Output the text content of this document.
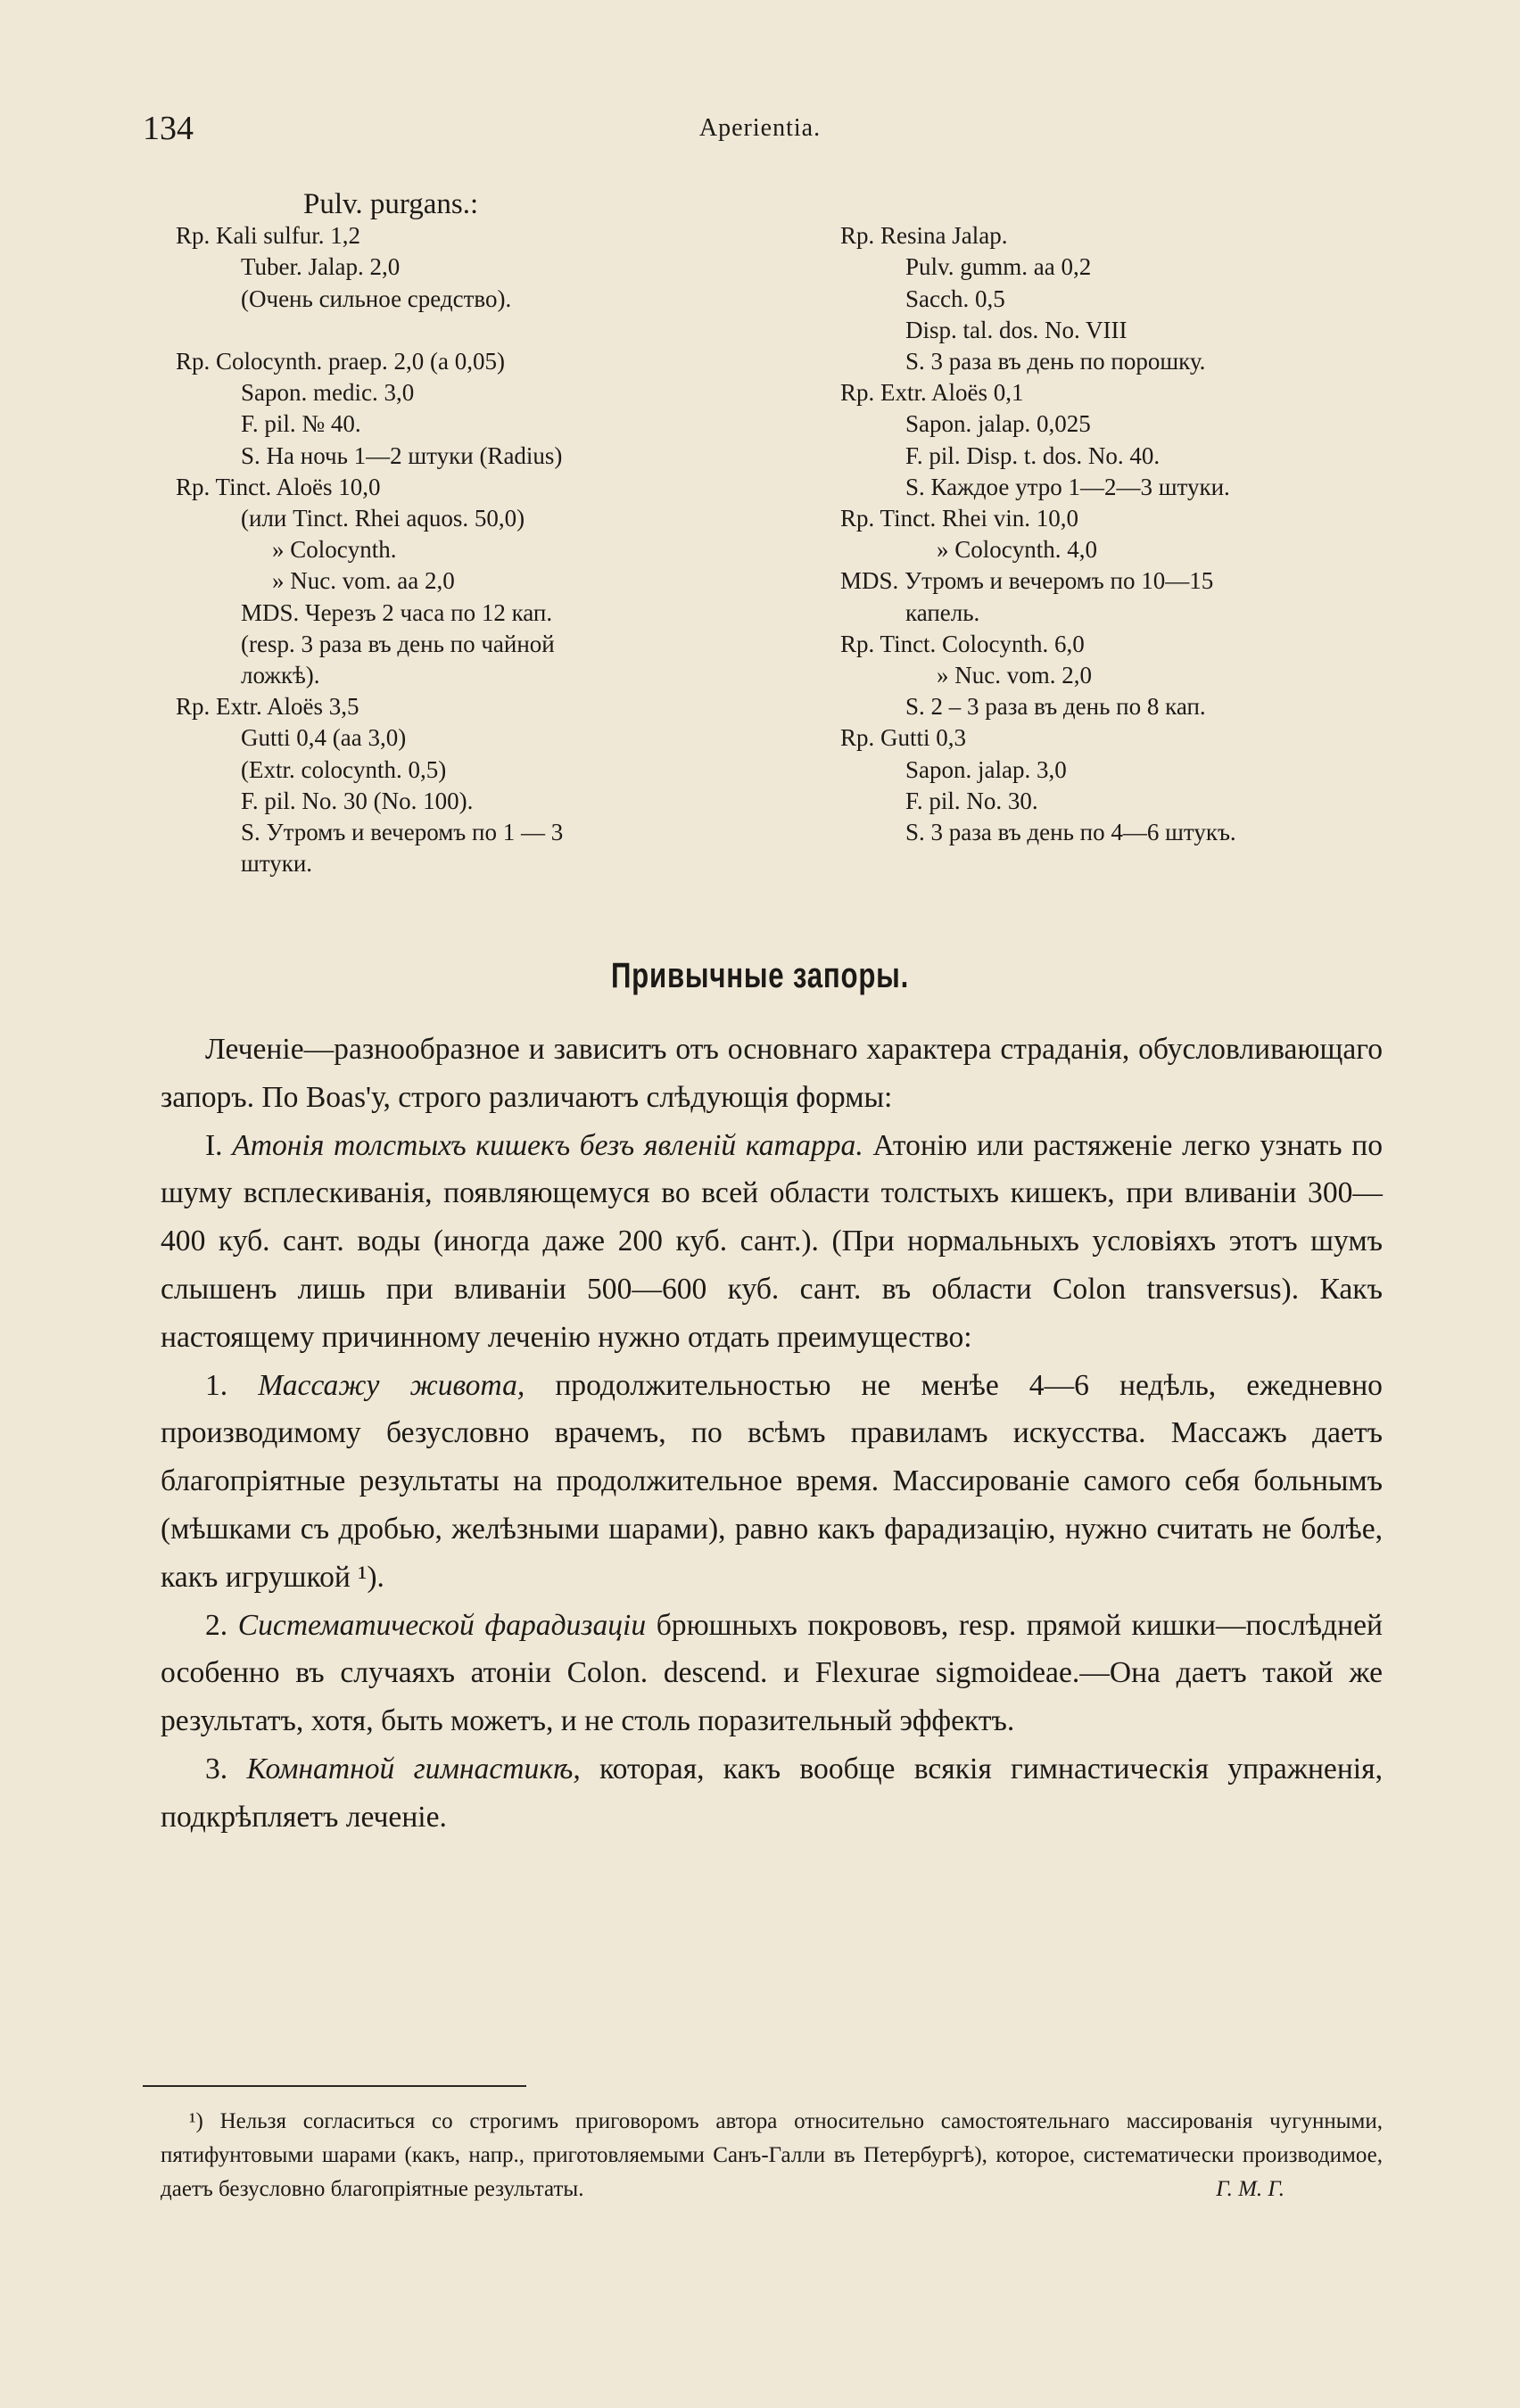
134	Aperientia.
Pulv. purgans.:
Rp. Kali sulfur. 1,2
Tuber. Jalap. 2,0
(Очень сильное средство).

Rp. Colocynth. praep. 2,0 (a 0,05)
Sapon. medic. 3,0
F. pil. № 40.
S. На ночь 1—2 штуки (Radius)
Rp. Tinct. Aloës 10,0
(или Tinct. Rhei aquos. 50,0)
» Colocynth.
» Nuc. vom. aa 2,0
MDS. Черезъ 2 часа по 12 кап.
(resp. 3 раза въ день по чайной
ложкѣ).
Rp. Extr. Aloës 3,5
Gutti 0,4 (aa 3,0)
(Extr. colocynth. 0,5)
F. pil. No. 30 (No. 100).
S. Утромъ и вечеромъ по 1 — 3
штуки.

Rp. Resina Jalap.
Pulv. gumm. aa 0,2
Sacch. 0,5
Disp. tal. dos. No. VIII
S. 3 раза въ день по порошку.
Rp. Extr. Aloës 0,1
Sapon. jalap. 0,025
F. pil. Disp. t. dos. No. 40.
S. Каждое утро 1—2—3 штуки.
Rp. Tinct. Rhei vin. 10,0
» Colocynth. 4,0
MDS. Утромъ и вечеромъ по 10—15
капель.
Rp. Tinct. Colocynth. 6,0
» Nuc. vom. 2,0
S. 2 – 3 раза въ день по 8 кап.
Rp. Gutti 0,3
Sapon. jalap. 3,0
F. pil. No. 30.
S. 3 раза въ день по 4—6 штукъ.
Привычные запоры.

Леченіе—разнообразное и зависитъ отъ основнаго характера страданія, обусловливающаго запоръ. По Boas'у, строго различаютъ слѣдующія формы:

I. Атонія толстыхъ кишекъ безъ явленій катарра. Атонію или растяженіе легко узнать по шуму всплескиванія, появляющемуся во всей области толстыхъ кишекъ, при вливаніи 300—400 куб. сант. воды (иногда даже 200 куб. сант.). (При нормальныхъ условіяхъ этотъ шумъ слышенъ лишь при вливаніи 500—600 куб. сант. въ области Colon transversus). Какъ настоящему причинному леченію нужно отдать преимущество:

1. Массажу живота, продолжительностью не менѣе 4—6 недѣль, ежедневно производимому безусловно врачемъ, по всѣмъ правиламъ искусства. Массажъ даетъ благопріятные результаты на продолжительное время. Массированіе самого себя больнымъ (мѣшками съ дробью, желѣзными шарами), равно какъ фарадизацію, нужно считать не болѣе, какъ игрушкой ¹).

2. Систематической фарадизаціи брюшныхъ покрововъ, resp. прямой кишки—послѣдней особенно въ случаяхъ атоніи Colon. descend. и Flexurae sigmoideae.—Она даетъ такой же результатъ, хотя, быть можетъ, и не столь поразительный эффектъ.

3. Комнатной гимнастикѣ, которая, какъ вообще всякія гимнастическія упражненія, подкрѣпляетъ леченіе.

¹) Нельзя согласиться со строгимъ приговоромъ автора относительно самостоятельнаго массированія чугунными, пятифунтовыми шарами (какъ, напр., приготовляемыми Санъ-Галли въ Петербургѣ), которое, систематически производимое, даетъ безусловно благопріятные результаты.	Г. М. Г.
